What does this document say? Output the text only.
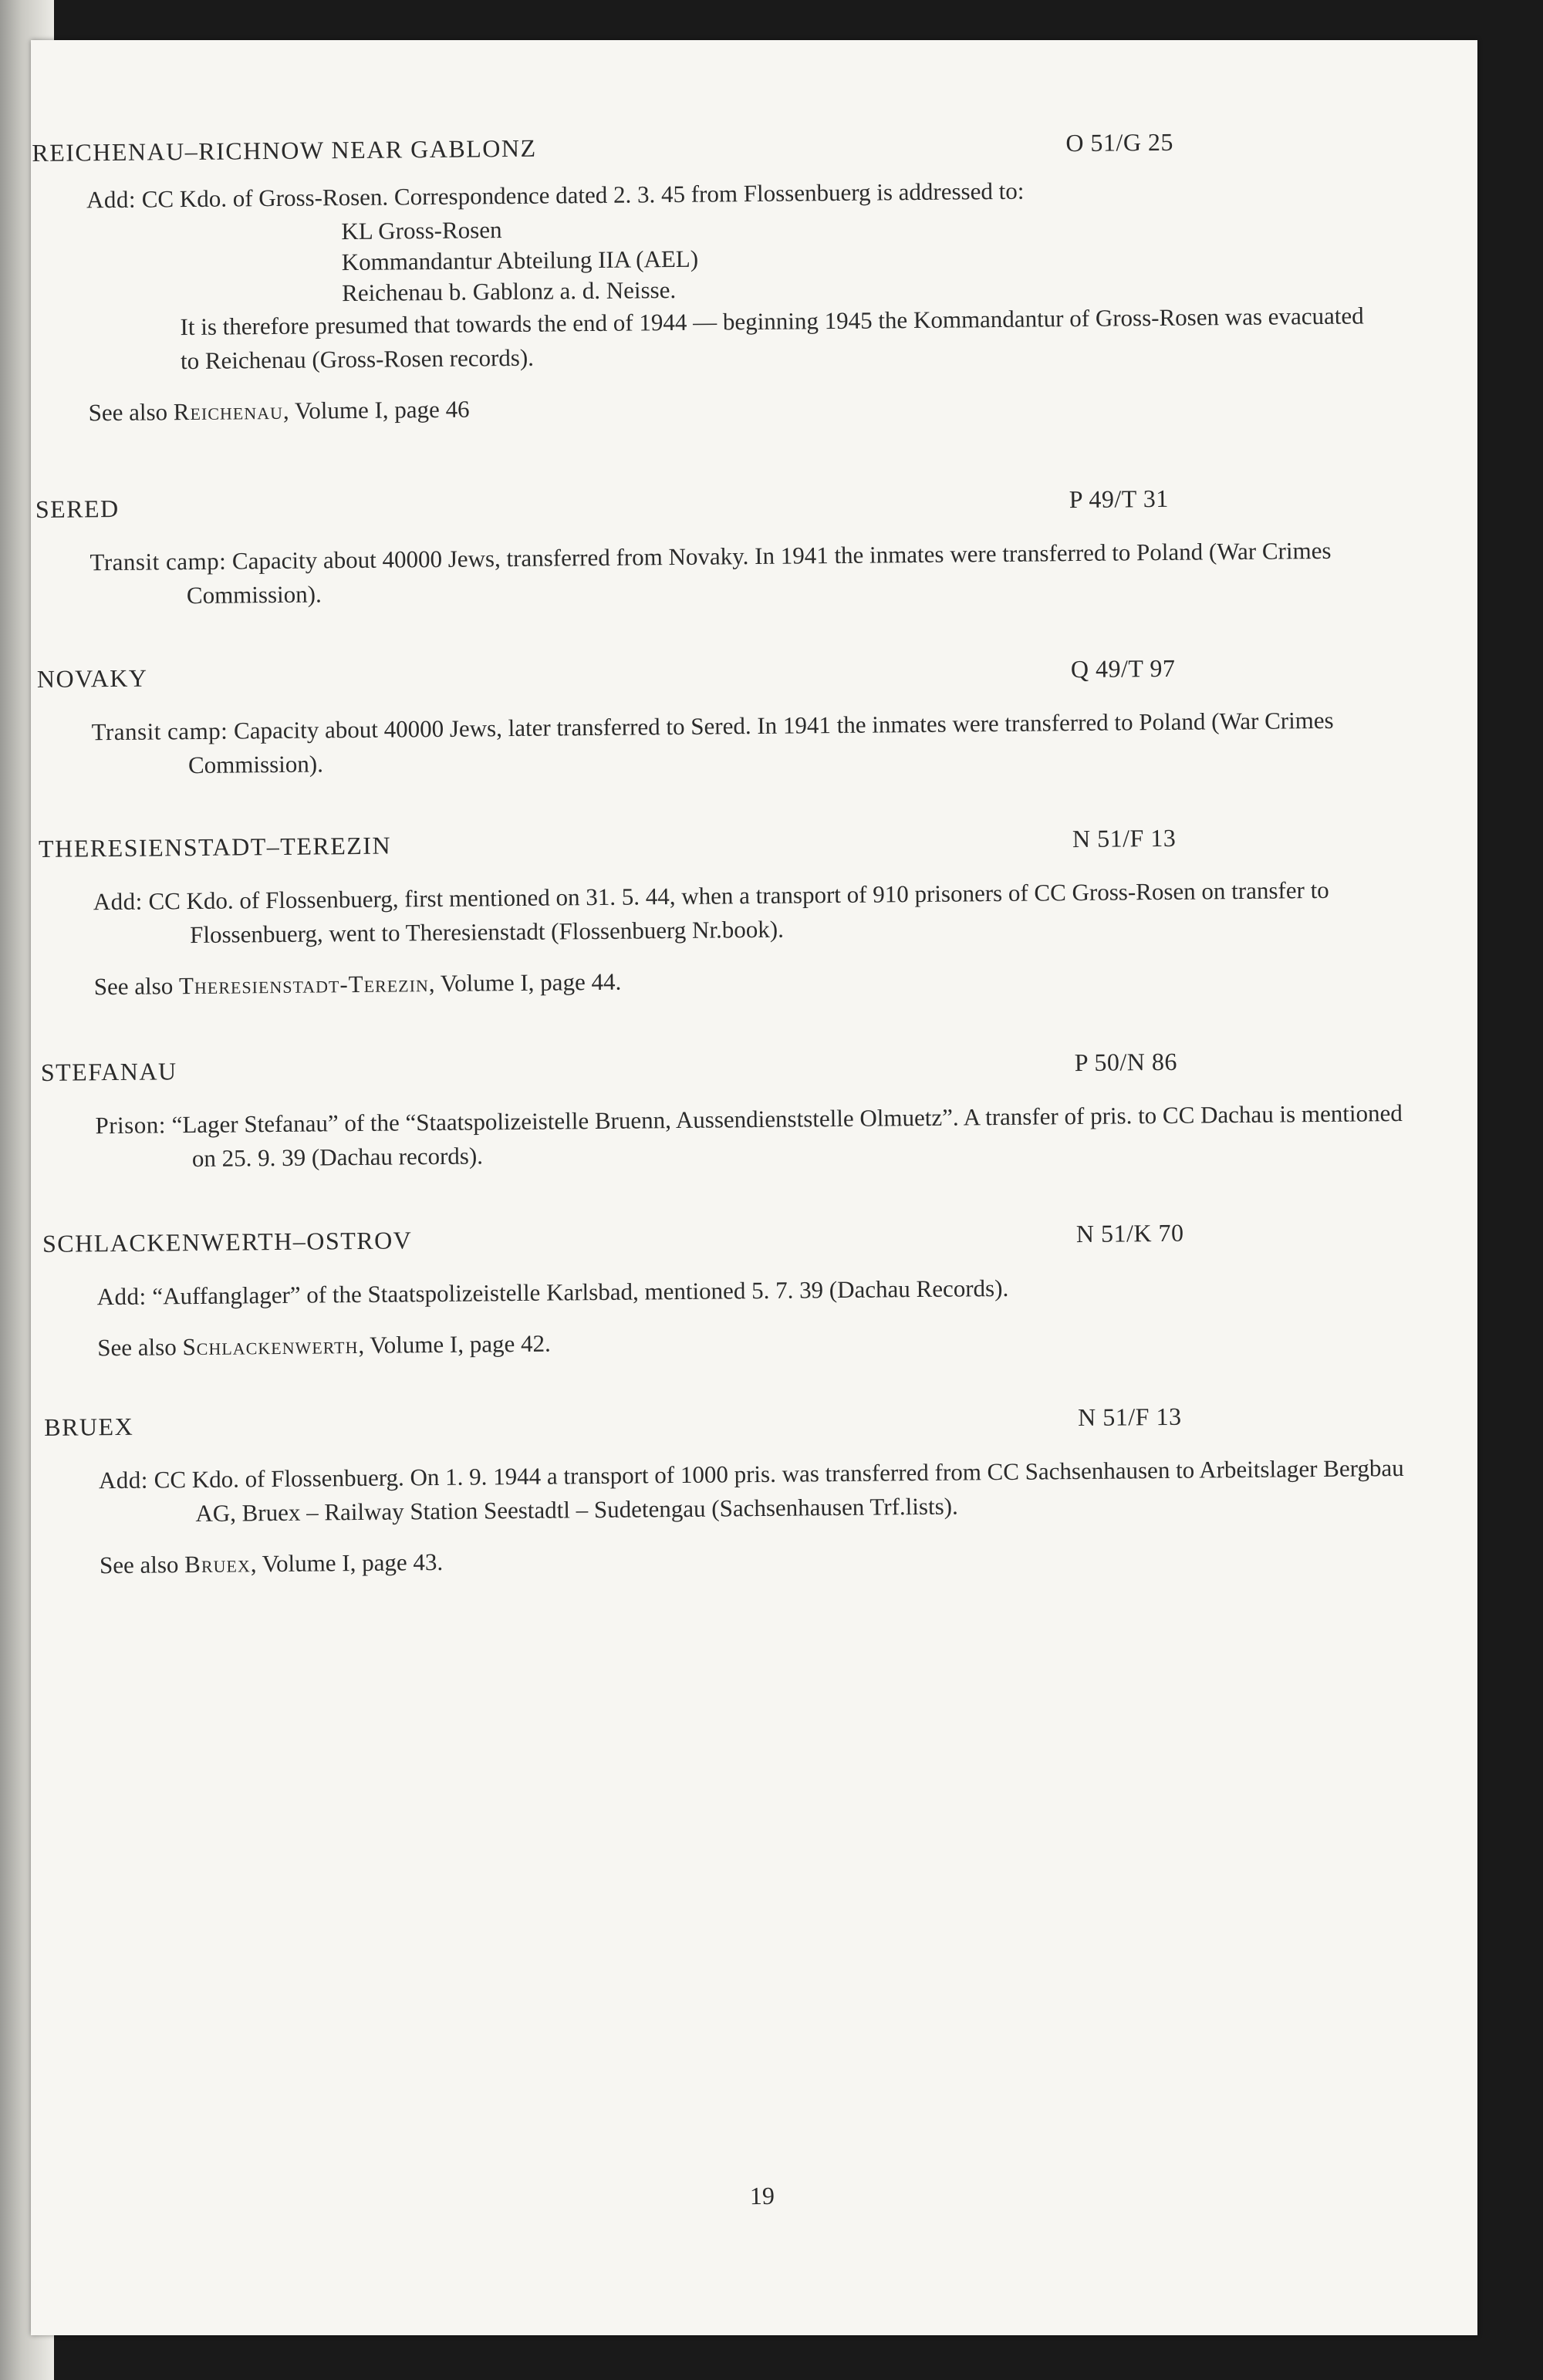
REICHENAU–RICHNOW NEAR GABLONZ	O 51/G 25
Add: CC Kdo. of Gross-Rosen. Correspondence dated 2. 3. 45 from Flossenbuerg is addressed to:
KL Gross-Rosen
Kommandantur Abteilung IIA (AEL)
Reichenau b. Gablonz a. d. Neisse.
It is therefore presumed that towards the end of 1944 — beginning 1945 the Kommandantur of Gross-Rosen was evacuated to Reichenau (Gross-Rosen records).
See also Reichenau, Volume I, page 46
SERED	P 49/T 31
Transit camp: Capacity about 40000 Jews, transferred from Novaky. In 1941 the inmates were transferred to Poland (War Crimes Commission).
NOVAKY	Q 49/T 97
Transit camp: Capacity about 40000 Jews, later transferred to Sered. In 1941 the inmates were transferred to Poland (War Crimes Commission).
THERESIENSTADT–TEREZIN	N 51/F 13
Add: CC Kdo. of Flossenbuerg, first mentioned on 31. 5. 44, when a transport of 910 prisoners of CC Gross-Rosen on transfer to Flossenbuerg, went to Theresienstadt (Flossenbuerg Nr.book).
See also Theresienstadt-Terezin, Volume I, page 44.
STEFANAU	P 50/N 86
Prison: “Lager Stefanau” of the “Staatspolizeistelle Bruenn, Aussendienststelle Olmuetz”. A transfer of pris. to CC Dachau is mentioned on 25. 9. 39 (Dachau records).
SCHLACKENWERTH–OSTROV	N 51/K 70
Add: “Auffanglager” of the Staatspolizeistelle Karlsbad, mentioned 5. 7. 39 (Dachau Records).
See also Schlackenwerth, Volume I, page 42.
BRUEX	N 51/F 13
Add: CC Kdo. of Flossenbuerg. On 1. 9. 1944 a transport of 1000 pris. was transferred from CC Sachsenhausen to Arbeitslager Bergbau AG, Bruex – Railway Station Seestadtl – Sudetengau (Sachsenhausen Trf.lists).
See also Bruex, Volume I, page 43.
19
